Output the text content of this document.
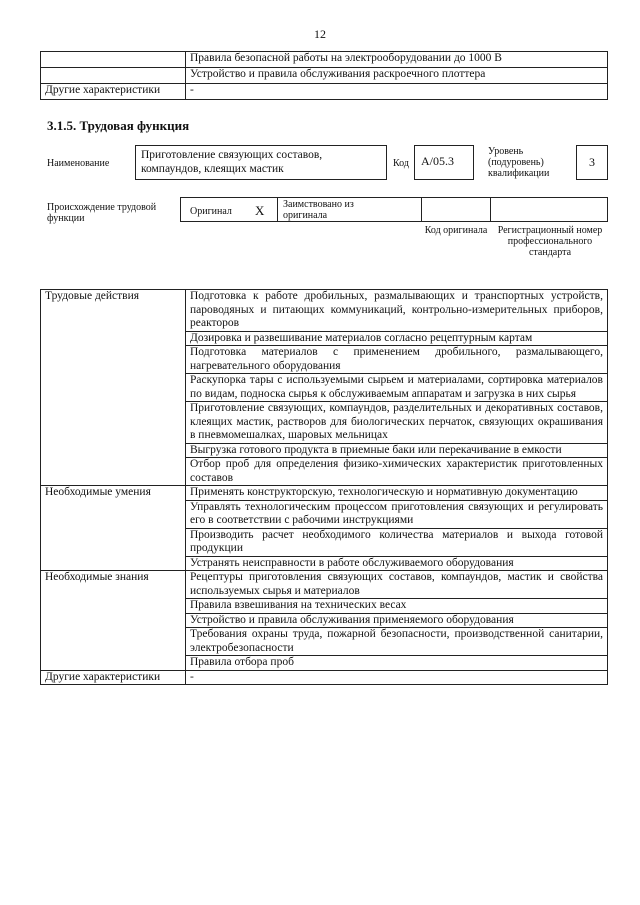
12
	Правила безопасной работы на электрооборудовании до 1000 В
	Устройство и правила обслуживания раскроечного плоттера
Другие характеристики	-
3.1.5. Трудовая функция
Наименование
Приготовление связующих составов, компаундов, клеящих мастик	Код	A/05.3
Уровень (подуровень) квалификации
3
Происхождение трудовой функции
Оригинал X Заимствовано из оригинала
Код оригинала	Регистрационный номер профессионального стандарта
Трудовые действия	Подготовка к работе дробильных, размалывающих и транспортных устройств, пароводяных и питающих коммуникаций, контрольно-измерительных приборов, реакторов
	Дозировка и развешивание материалов согласно рецептурным картам
	Подготовка материалов с применением дробильного, размалывающего, нагревательного оборудования
	Раскупорка тары с используемыми сырьем и материалами, сортировка материалов по видам, подноска сырья к обслуживаемым аппаратам и загрузка в них сырья
	Приготовление связующих, компаундов, разделительных и декоративных составов, клеящих мастик, растворов для биологических перчаток, связующих окрашивания в пневмомешалках, шаровых мельницах
	Выгрузка готового продукта в приемные баки или перекачивание в емкости
	Отбор проб для определения физико-химических характеристик приготовленных составов
Необходимые умения	Применять конструкторскую, технологическую и нормативную документацию
	Управлять технологическим процессом приготовления связующих и регулировать его в соответствии с рабочими инструкциями
	Производить расчет необходимого количества материалов и выхода готовой продукции
	Устранять неисправности в работе обслуживаемого оборудования
Необходимые знания	Рецептуры приготовления связующих составов, компаундов, мастик и свойства используемых сырья и материалов
	Правила взвешивания на технических весах
	Устройство и правила обслуживания применяемого оборудования
	Требования охраны труда, пожарной безопасности, производственной санитарии, электробезопасности
	Правила отбора проб
Другие характеристики	-
